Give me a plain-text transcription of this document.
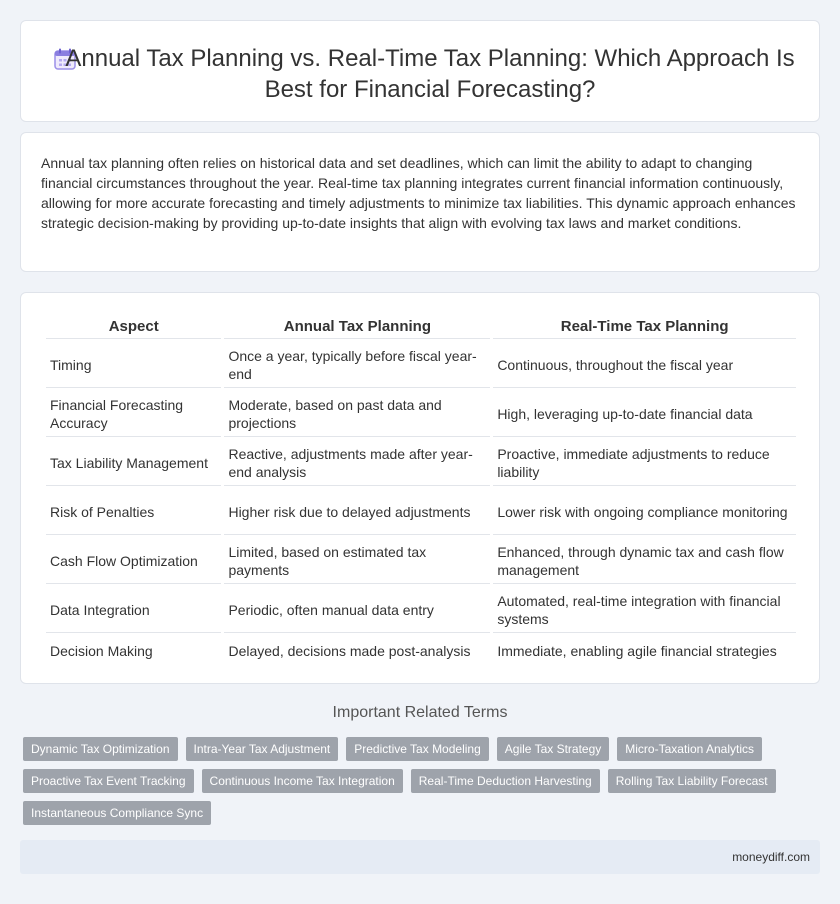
Annual Tax Planning vs. Real-Time Tax Planning: Which Approach Is Best for Financial Forecasting?

Annual tax planning often relies on historical data and set deadlines, which can limit the ability to adapt to changing financial circumstances throughout the year. Real-time tax planning integrates current financial information continuously, allowing for more accurate forecasting and timely adjustments to minimize tax liabilities. This dynamic approach enhances strategic decision-making by providing up-to-date insights that align with evolving tax laws and market conditions.

Aspect	Annual Tax Planning	Real-Time Tax Planning
Timing	Once a year, typically before fiscal year-end	Continuous, throughout the fiscal year
Financial Forecasting Accuracy	Moderate, based on past data and projections	High, leveraging up-to-date financial data
Tax Liability Management	Reactive, adjustments made after year-end analysis	Proactive, immediate adjustments to reduce liability
Risk of Penalties	Higher risk due to delayed adjustments	Lower risk with ongoing compliance monitoring
Cash Flow Optimization	Limited, based on estimated tax payments	Enhanced, through dynamic tax and cash flow management
Data Integration	Periodic, often manual data entry	Automated, real-time integration with financial systems
Decision Making	Delayed, decisions made post-analysis	Immediate, enabling agile financial strategies
Important Related Terms
Dynamic Tax Optimization	Intra-Year Tax Adjustment	Predictive Tax Modeling	Agile Tax Strategy	Micro-Taxation Analytics
Proactive Tax Event Tracking	Continuous Income Tax Integration	Real-Time Deduction Harvesting	Rolling Tax Liability Forecast
Instantaneous Compliance Sync
moneydiff.com
